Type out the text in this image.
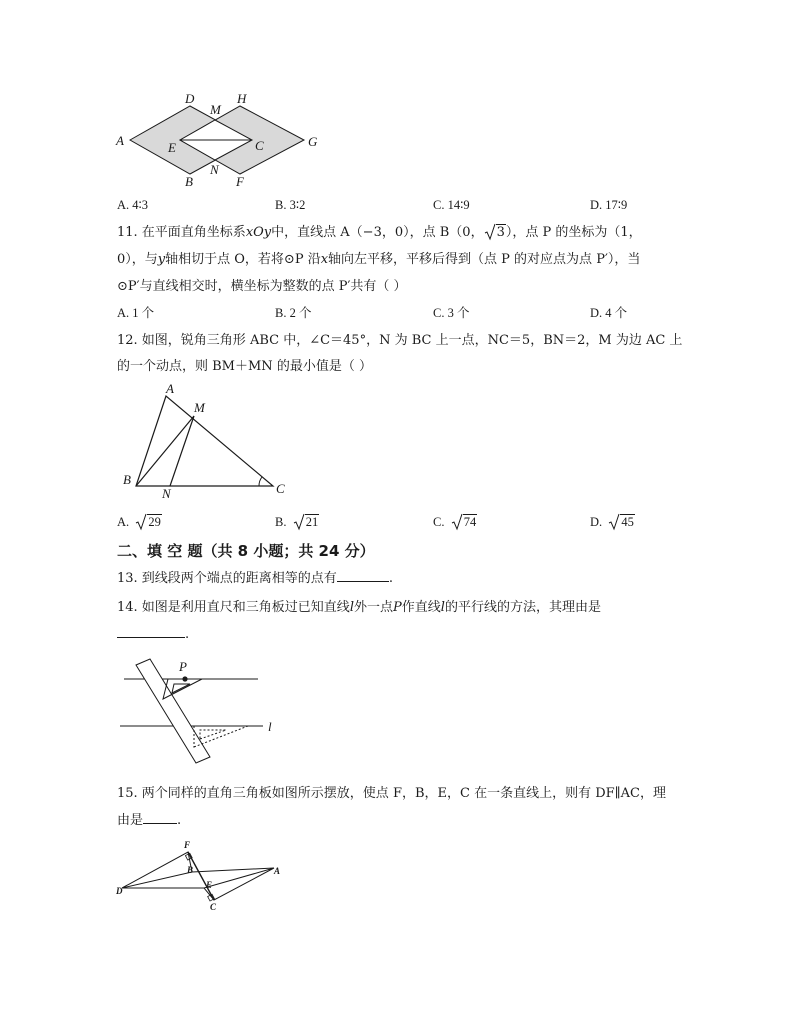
D
M
H
A	G
E	C
B
N
F
A. 4∶3	B. 3∶2	C. 14∶9	D. 17∶9
11. 在平面直角坐标系xOy中，直线点 A（−3，0），点 B（0， 3），点 P 的坐标为（1，
0），与y轴相切于点 O，若将⊙P 沿x轴向左平移，平移后得到（点 P 的对应点为点 P′），当
⊙P′与直线相交时，横坐标为整数的点 P′共有（ ）
A. 1 个	B. 2 个	C. 3 个	D. 4 个
12. 如图，锐角三角形 ABC 中，∠C＝45°，N 为 BC 上一点，NC＝5，BN＝2，M 为边 AC 上
的一个动点，则 BM＋MN 的最小值是（ ）
A
M
B
N	C
A. 29	B. 21	C. 74	D. 45
二、填 空 题（共 8 小题；共 24 分）
13. 到线段两个端点的距离相等的点有	.
14. 如图是利用直尺和三角板过已知直线l外一点P作直线l的平行线的方法，其理由是
.
P
l
15. 两个同样的直角三角板如图所示摆放，使点 F，B，E，C 在一条直线上，则有 DF∥AC，理
由是	.
F
B
E
C
D
A
